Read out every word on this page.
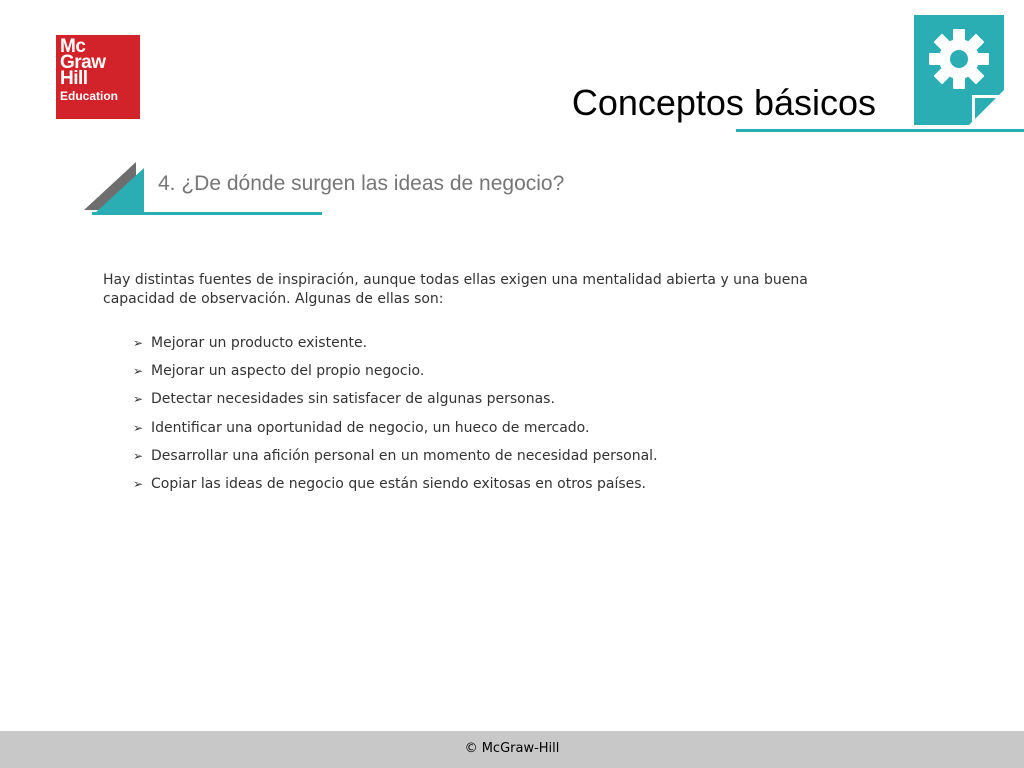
Mc
Graw
Hill
Education	Conceptos básicos
4. ¿De dónde surgen las ideas de negocio?

Hay distintas fuentes de inspiración, aunque todas ellas exigen una mentalidad abierta y una buena capacidad de observación. Algunas de ellas son:

➢ Mejorar un producto existente.
➢ Mejorar un aspecto del propio negocio.
➢ Detectar necesidades sin satisfacer de algunas personas.
➢ Identificar una oportunidad de negocio, un hueco de mercado.
➢ Desarrollar una afición personal en un momento de necesidad personal.
➢ Copiar las ideas de negocio que están siendo exitosas en otros países.
© McGraw-Hill
